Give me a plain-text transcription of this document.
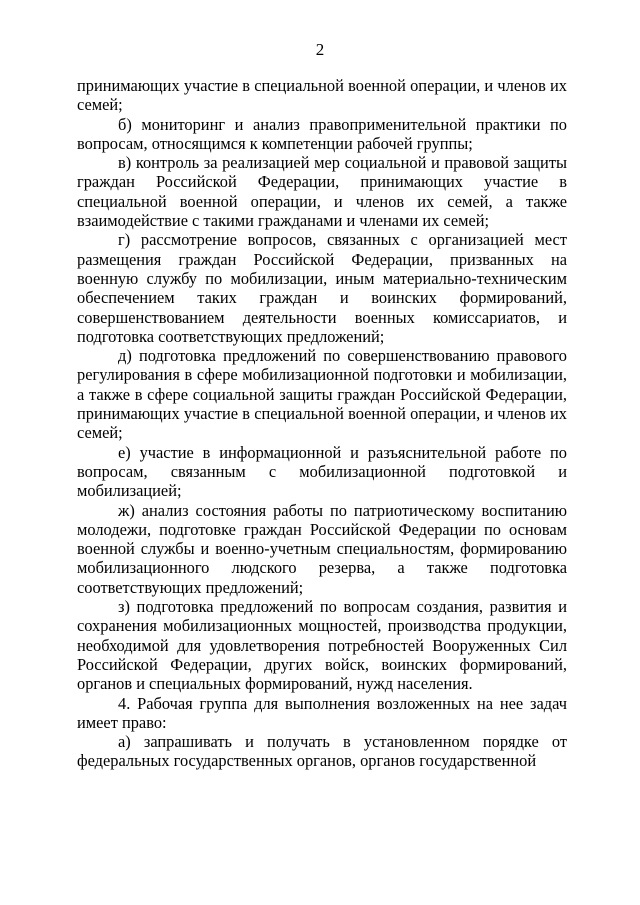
2

принимающих участие в специальной военной операции, и членов их семей;

б) мониторинг и анализ правоприменительной практики по вопросам, относящимся к компетенции рабочей группы;

в) контроль за реализацией мер социальной и правовой защиты граждан Российской Федерации, принимающих участие в специальной военной операции, и членов их семей, а также взаимодействие с такими гражданами и членами их семей;

г) рассмотрение вопросов, связанных с организацией мест размещения граждан Российской Федерации, призванных на военную службу по мобилизации, иным материально-техническим обеспечением таких граждан и воинских формирований, совершенствованием деятельности военных комиссариатов, и подготовка соответствующих предложений;

д) подготовка предложений по совершенствованию правового регулирования в сфере мобилизационной подготовки и мобилизации, а также в сфере социальной защиты граждан Российской Федерации, принимающих участие в специальной военной операции, и членов их семей;

е) участие в информационной и разъяснительной работе по вопросам, связанным с мобилизационной подготовкой и мобилизацией;

ж) анализ состояния работы по патриотическому воспитанию молодежи, подготовке граждан Российской Федерации по основам военной службы и военно-учетным специальностям, формированию мобилизационного людского резерва, а также подготовка соответствующих предложений;

з) подготовка предложений по вопросам создания, развития и сохранения мобилизационных мощностей, производства продукции, необходимой для удовлетворения потребностей Вооруженных Сил Российской Федерации, других войск, воинских формирований, органов и специальных формирований, нужд населения.

4. Рабочая группа для выполнения возложенных на нее задач имеет право:

а) запрашивать и получать в установленном порядке от федеральных государственных органов, органов государственной
